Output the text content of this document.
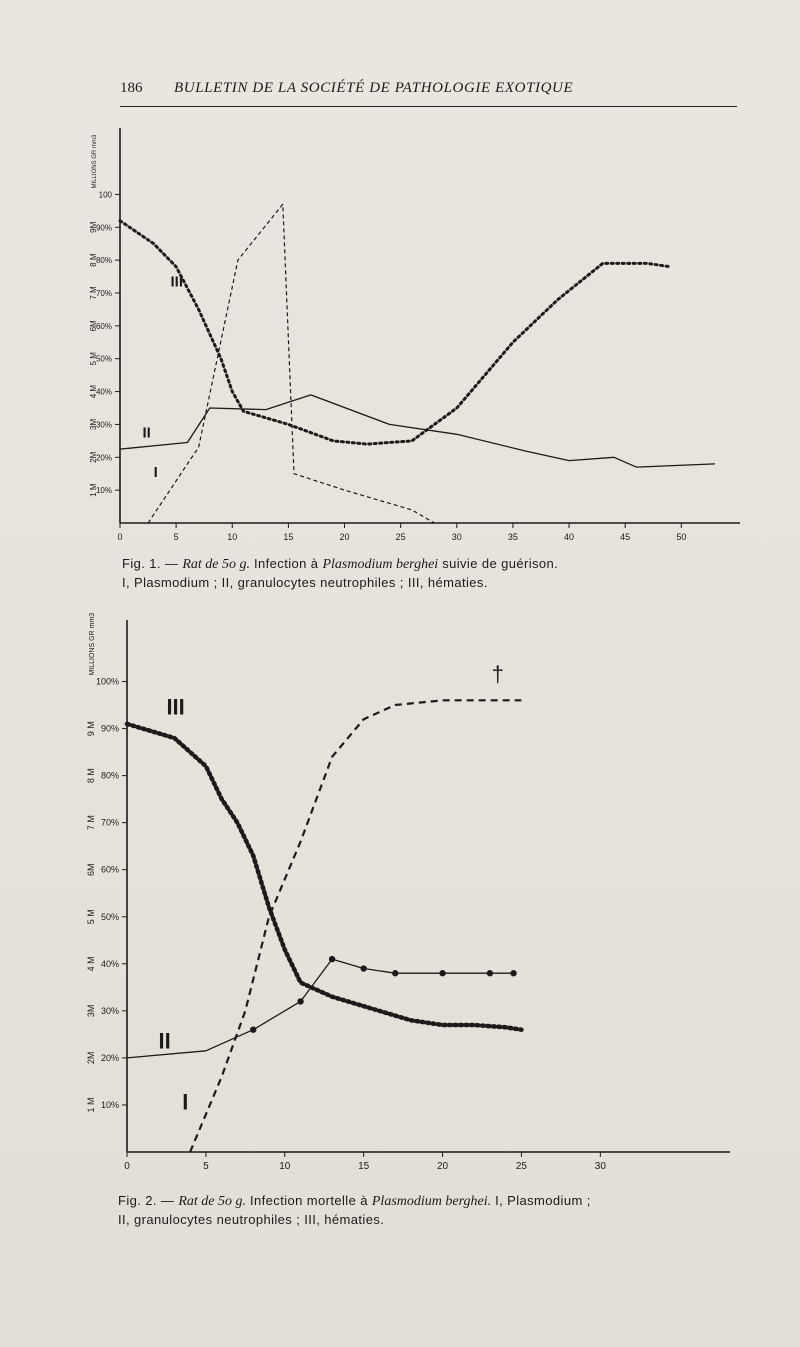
186 BULLETIN DE LA SOCIÉTÉ DE PATHOLOGIE EXOTIQUE
0	5	10	15	20	25	30	35	40	45	50
10%
20%
30%
40%
50%
60%
70%
80%
90%
100
1 M
2M
3M
4 M
5 M
6M
7 M
8 M
9M
MILLIONS GR mm3
I
II
III
Fig. 1. — Rat de 5o g. Infection à Plasmodium berghei suivie de guérison.
I, Plasmodium ; II, granulocytes neutrophiles ; III, hématies.
0	5	10	15	20	25	30
10%
20%
30%
40%
50%
60%
70%
80%
90%
100%
1 M
2M
3M
4 M
5 M
6M
7 M
8 M
9 M
MILLIONS GR mm3
I
II
III
†
Fig. 2. — Rat de 5o g. Infection mortelle à Plasmodium berghei. I, Plasmodium ;
II, granulocytes neutrophiles ; III, hématies.
